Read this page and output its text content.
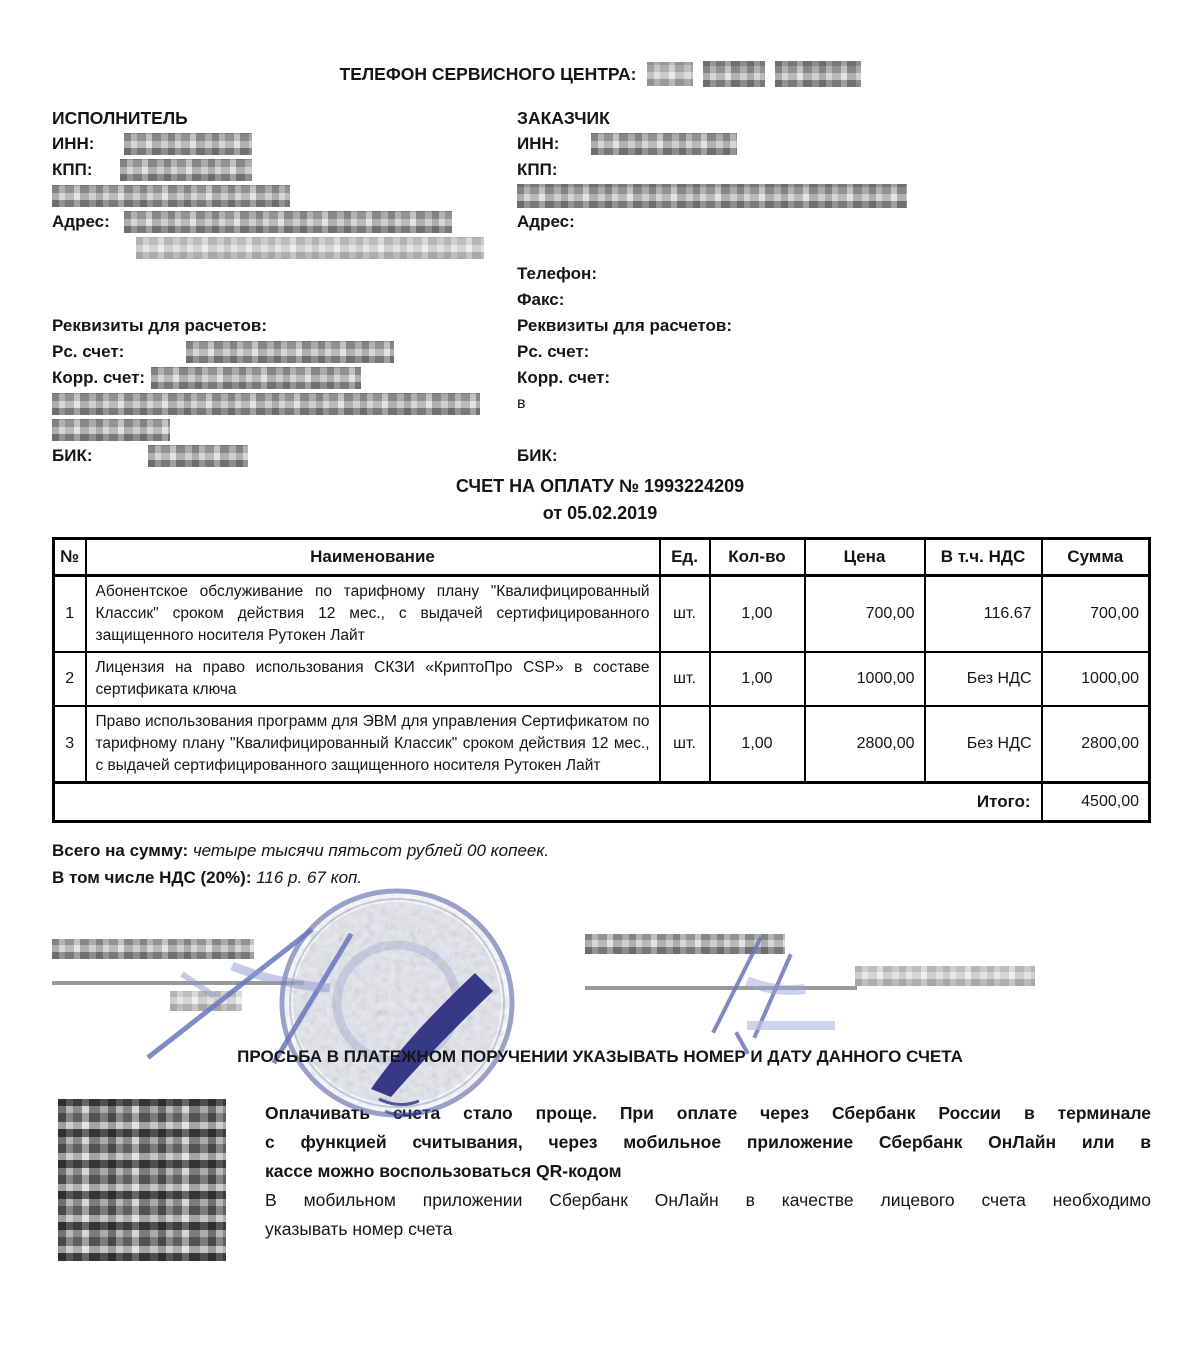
ТЕЛЕФОН СЕРВИСНОГО ЦЕНТРА:
ИСПОЛНИТЕЛЬ
ИНН:
КПП:
Адрес:
Реквизиты для расчетов:
Рс. счет:
Корр. счет:
БИК:
ЗАКАЗЧИК
ИНН:
КПП:
Адрес:
Телефон:
Факс:
Реквизиты для расчетов:
Рс. счет:
Корр. счет:
в
БИК:
СЧЕТ НА ОПЛАТУ № 1993224209
от 05.02.2019
№	Наименование	Ед.	Кол-во	Цена	В т.ч. НДС	Сумма
1	Абонентское обслуживание по тарифному плану "Квалифицированный Классик" сроком действия 12 мес., с выдачей сертифицированного защищенного носителя Рутокен Лайт	шт.	1,00	700,00	116.67	700,00
2	Лицензия на право использования СКЗИ «КриптоПро CSP» в составе сертификата ключа	шт.	1,00	1000,00	Без НДС	1000,00
3	Право использования программ для ЭВМ для управления Сертификатом по тарифному плану "Квалифицированный Классик" сроком действия 12 мес., с выдачей сертифицированного защищенного носителя Рутокен Лайт	шт.	1,00	2800,00	Без НДС	2800,00
Итого:						4500,00
Всего на сумму: четыре тысячи пятьсот рублей 00 копеек.
В том числе НДС (20%): 116 р. 67 коп.
ПРОСЬБА В ПЛАТЕЖНОМ ПОРУЧЕНИИ УКАЗЫВАТЬ НОМЕР И ДАТУ ДАННОГО СЧЕТА
Оплачивать счета стало проще. При оплате через Сбербанк России в терминале
с функцией считывания, через мобильное приложение Сбербанк ОнЛайн или в
кассе можно воспользоваться QR-кодом
В мобильном приложении Сбербанк ОнЛайн в качестве лицевого счета необходимо
указывать номер счета
